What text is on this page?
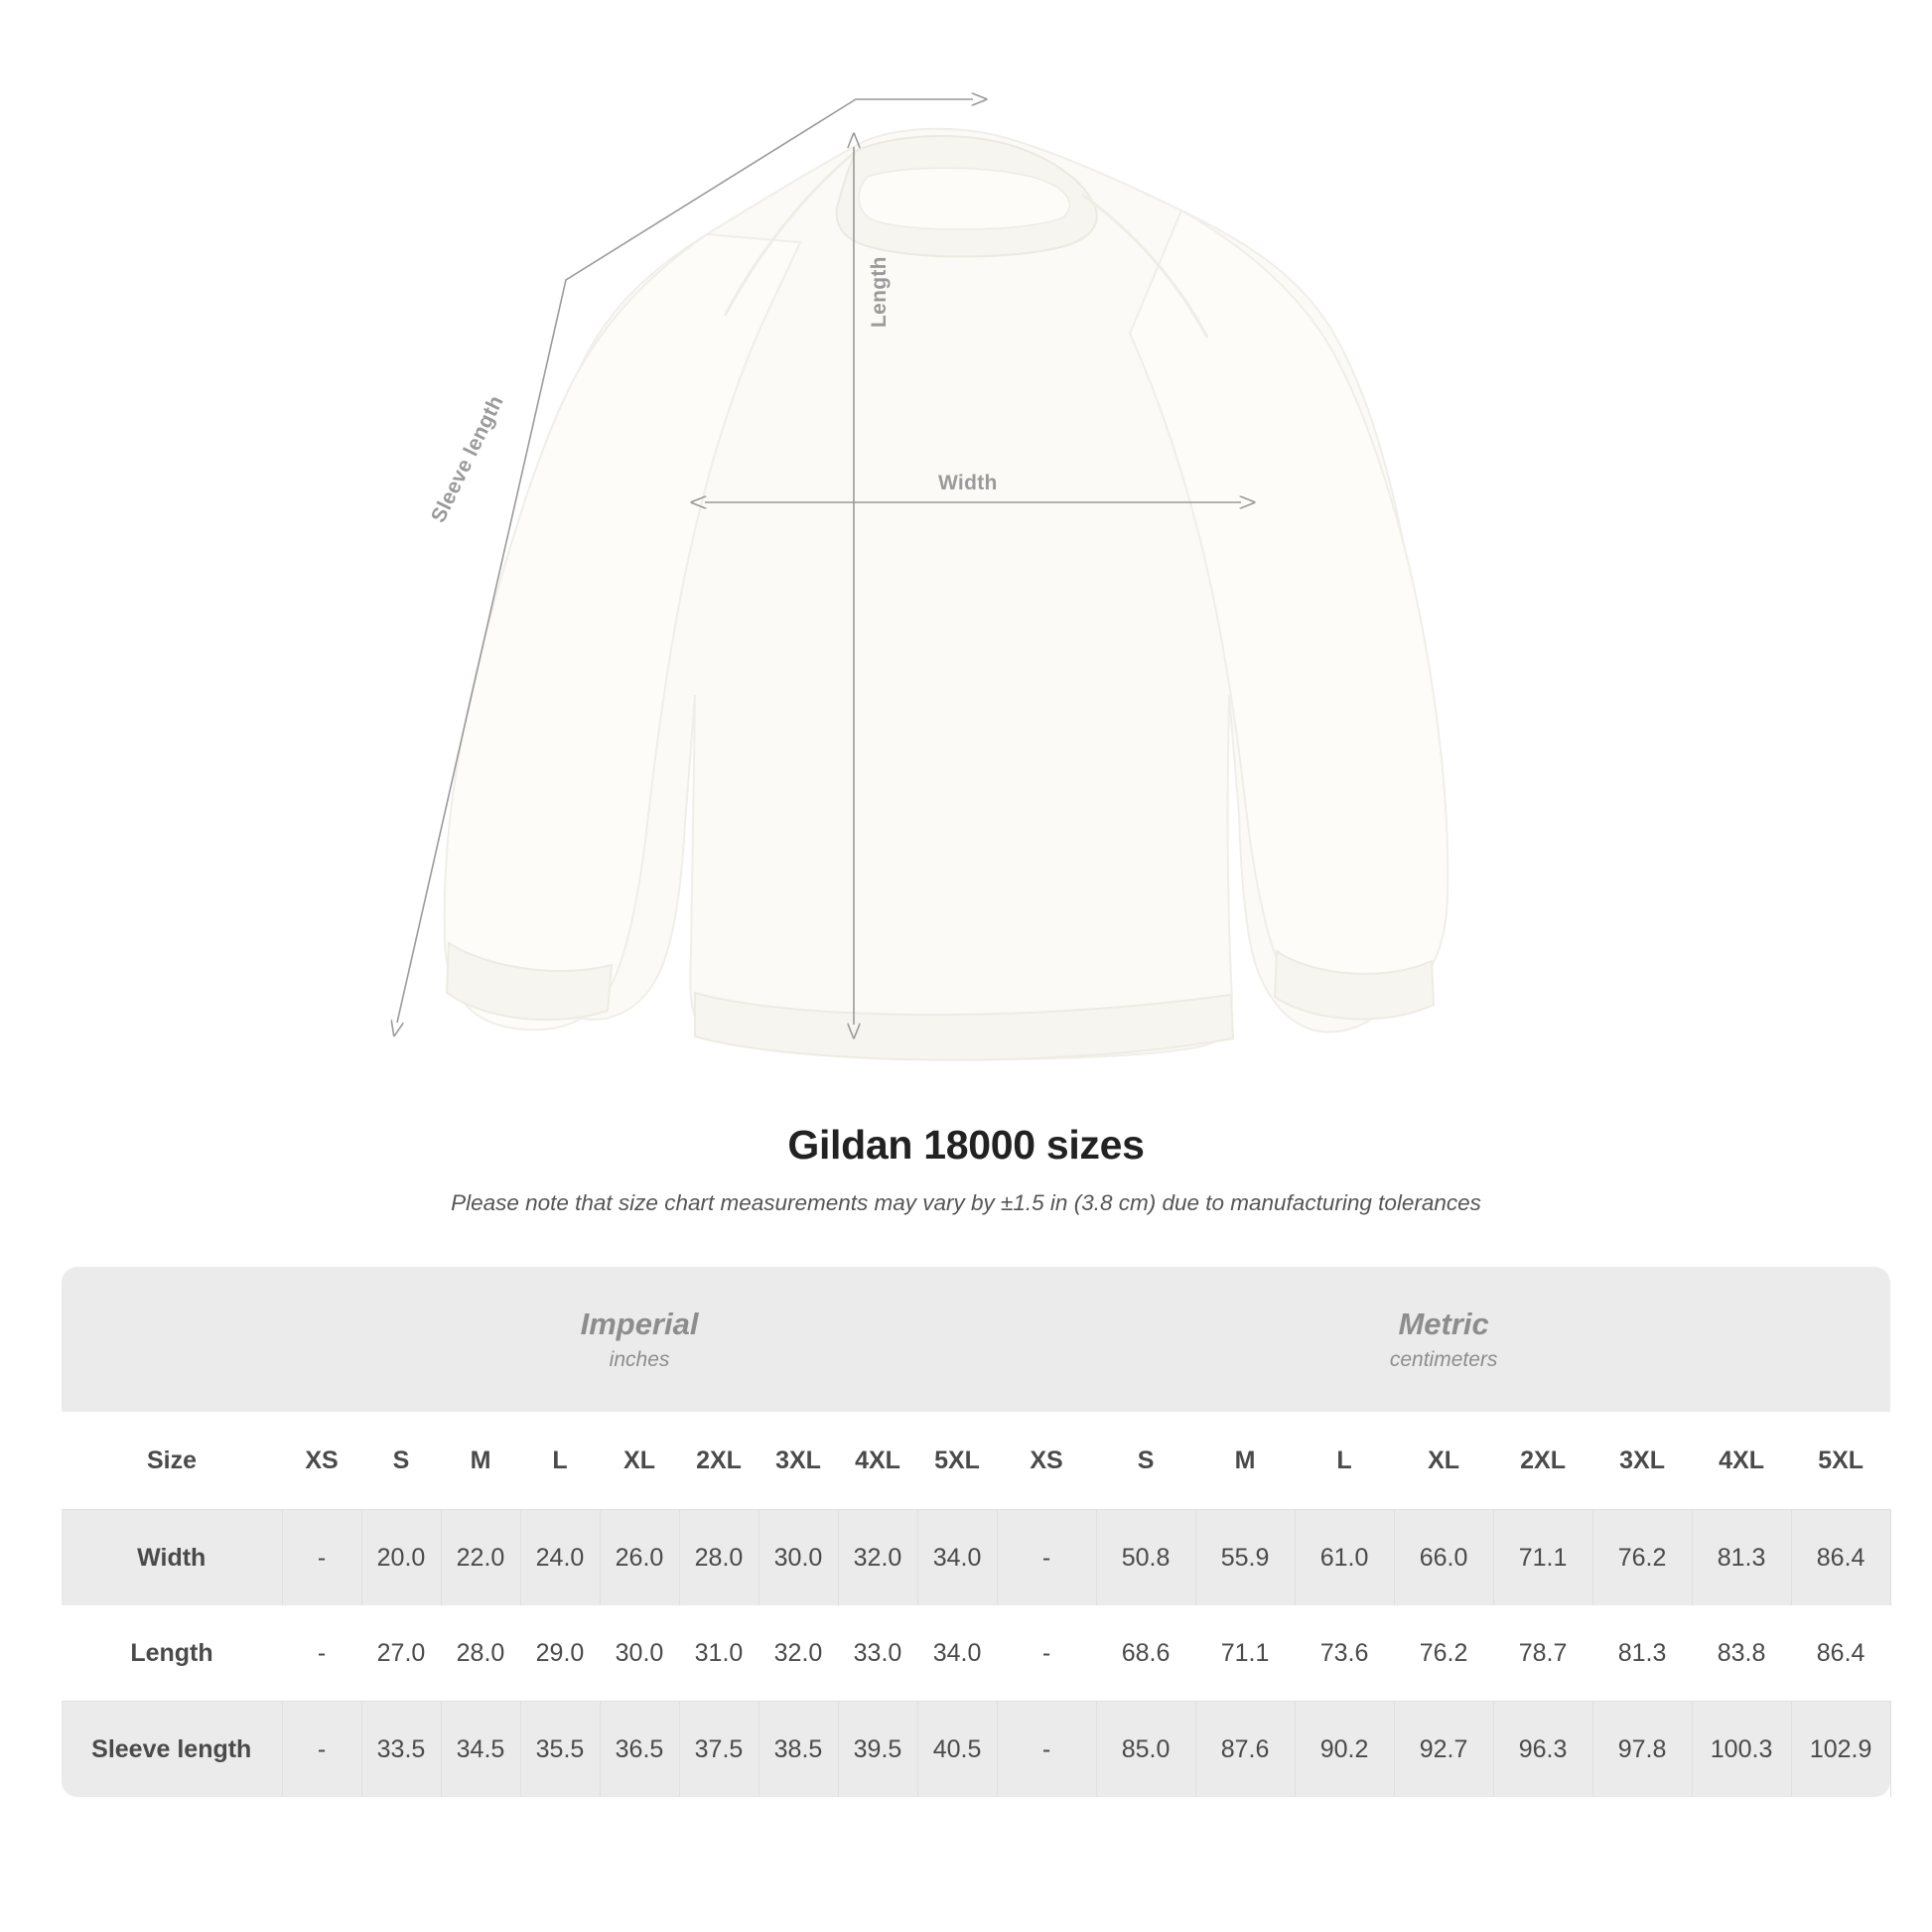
Width
Length
Sleeve length
Gildan 18000 sizes
Please note that size chart measurements may vary by ±1.5 in (3.8 cm) due to manufacturing tolerances

Imperial
inches

Metric
centimeters

Size	XS	S	M	L	XL	2XL	3XL	4XL	5XL	XS	S	M	L	XL	2XL	3XL	4XL	5XL
Width	-	20.0	22.0	24.0	26.0	28.0	30.0	32.0	34.0	-	50.8	55.9	61.0	66.0	71.1	76.2	81.3	86.4
Length	-	27.0	28.0	29.0	30.0	31.0	32.0	33.0	34.0	-	68.6	71.1	73.6	76.2	78.7	81.3	83.8	86.4
Sleeve length	-	33.5	34.5	35.5	36.5	37.5	38.5	39.5	40.5	-	85.0	87.6	90.2	92.7	96.3	97.8	100.3	102.9
